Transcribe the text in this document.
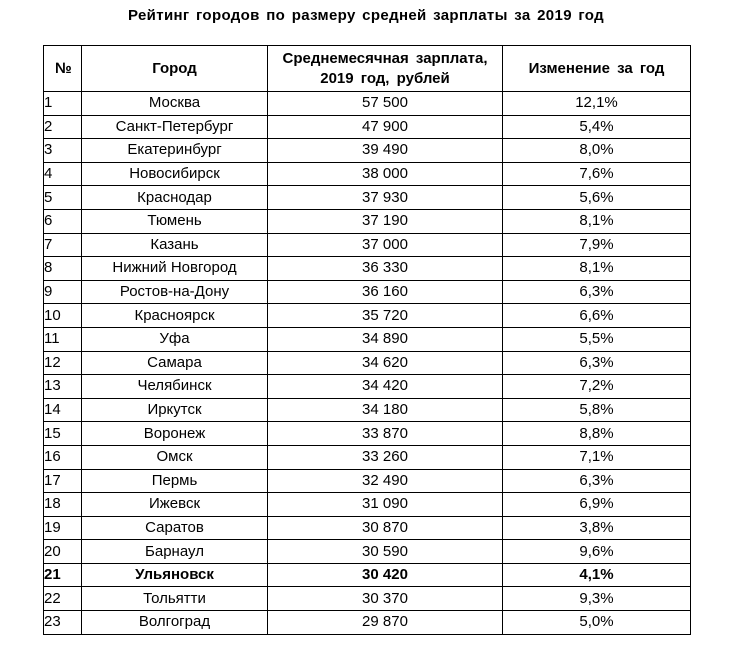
Рейтинг городов по размеру средней зарплаты за 2019 год
№	Город	Среднемесячная зарплата, 2019 год, рублей	Изменение за год
1	Москва	57 500	12,1%
2	Санкт-Петербург	47 900	5,4%
3	Екатеринбург	39 490	8,0%
4	Новосибирск	38 000	7,6%
5	Краснодар	37 930	5,6%
6	Тюмень	37 190	8,1%
7	Казань	37 000	7,9%
8	Нижний Новгород	36 330	8,1%
9	Ростов-на-Дону	36 160	6,3%
10	Красноярск	35 720	6,6%
11	Уфа	34 890	5,5%
12	Самара	34 620	6,3%
13	Челябинск	34 420	7,2%
14	Иркутск	34 180	5,8%
15	Воронеж	33 870	8,8%
16	Омск	33 260	7,1%
17	Пермь	32 490	6,3%
18	Ижевск	31 090	6,9%
19	Саратов	30 870	3,8%
20	Барнаул	30 590	9,6%
21	Ульяновск	30 420	4,1%
22	Тольятти	30 370	9,3%
23	Волгоград	29 870	5,0%
